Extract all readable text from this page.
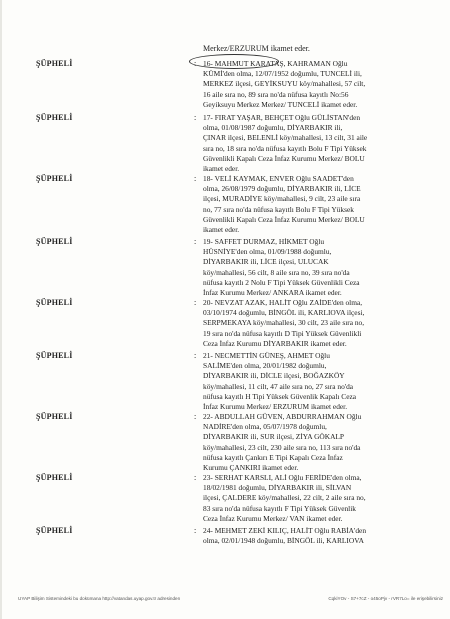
Merkez/ERZURUM ikamet eder.
ŞÜPHELİ	: 16- MAHMUT KARATAŞ, KAHRAMAN Oğlu
KÜMİ'den olma, 12/07/1952 doğumlu, TUNCELİ ili,
MERKEZ ilçesi, GEYİKSUYU köy/mahallesi, 57 cilt,
16 aile sıra no, 89 sıra no'da nüfusa kayıtlı No:56
Geyiksuyu Merkez Merkez/ TUNCELİ ikamet eder.
ŞÜPHELİ	: 17- FIRAT YAŞAR, BEHÇET Oğlu GÜLİSTAN'den
olma, 01/08/1987 doğumlu, DİYARBAKIR ili,
ÇINAR ilçesi, BELENLİ köy/mahallesi, 13 cilt, 31 aile
sıra no, 18 sıra no'da nüfusa kayıtlı Bolu F Tipi Yüksek
Güvenlikli Kapalı Ceza İnfaz Kurumu Merkez/ BOLU
ikamet eder.
ŞÜPHELİ	: 18- VELİ KAYMAK, ENVER Oğlu SAADET'den
olma, 26/08/1979 doğumlu, DİYARBAKIR ili, LİCE
ilçesi, MURADİYE köy/mahallesi, 9 cilt, 23 aile sıra
no, 77 sıra no'da nüfusa kayıtlı Bolu F Tipi Yüksek
Güvenlikli Kapalı Ceza İnfaz Kurumu Merkez/ BOLU
ikamet eder.
ŞÜPHELİ	: 19- SAFFET DURMAZ, HİKMET Oğlu
HÜSNİYE'den olma, 01/09/1988 doğumlu,
DİYARBAKIR ili, LİCE ilçesi, ULUCAK
köy/mahallesi, 56 cilt, 8 aile sıra no, 39 sıra no'da
nüfusa kayıtlı 2 Nolu F Tipi Yüksek Güvenlikli Ceza
İnfaz Kurumu Merkez/ ANKARA ikamet eder.
ŞÜPHELİ	: 20- NEVZAT AZAK, HALİT Oğlu ZAİDE'den olma,
03/10/1974 doğumlu, BİNGÖL ili, KARLIOVA ilçesi,
SERPMEKAYA köy/mahallesi, 30 cilt, 23 aile sıra no,
19 sıra no'da nüfusa kayıtlı D Tipi Yüksek Güvenlikli
Ceza İnfaz Kurumu DİYARBAKIR ikamet eder.
ŞÜPHELİ	: 21- NECMETTİN GÜNEŞ, AHMET Oğlu
SALİME'den olma, 20/01/1982 doğumlu,
DİYARBAKIR ili, DİCLE ilçesi, BOĞAZKÖY
köy/mahallesi, 11 cilt, 47 aile sıra no, 27 sıra no'da
nüfusa kayıtlı H Tipi Yüksek Güvenlik Kapalı Ceza
İnfaz Kurumu Merkez/ ERZURUM ikamet eder.
ŞÜPHELİ	: 22- ABDULLAH GÜVEN, ABDURRAHMAN Oğlu
NADİRE'den olma, 05/07/1978 doğumlu,
DİYARBAKIR ili, SUR ilçesi, ZİYA GÖKALP
köy/mahallesi, 23 cilt, 230 aile sıra no, 113 sıra no'da
nüfusa kayıtlı Çankırı E Tipi Kapalı Ceza İnfaz
Kurumu ÇANKIRI ikamet eder.
ŞÜPHELİ	: 23- SERHAT KARSLI, ALİ Oğlu FERİDE'den olma,
18/02/1981 doğumlu, DİYARBAKIR ili, SİLVAN
ilçesi, ÇALDERE köy/mahallesi, 22 cilt, 2 aile sıra no,
83 sıra no'da nüfusa kayıtlı F Tipi Yüksek Güvenlik
Ceza İnfaz Kurumu Merkez/ VAN ikamet eder.
ŞÜPHELİ	: 24- MEHMET ZEKİ KILIÇ, HALİT Oğlu RABİA'den
olma, 02/01/1948 doğumlu, BİNGÖL ili, KARLIOVA
UYAP Bilişim Sistemindeki bu dokümana http://vatandas.uyap.gov.tr adresinden	CqkiYOv - S7+7cZ - o45oPjv - rVR7Lo= ile erişebilirsiniz
